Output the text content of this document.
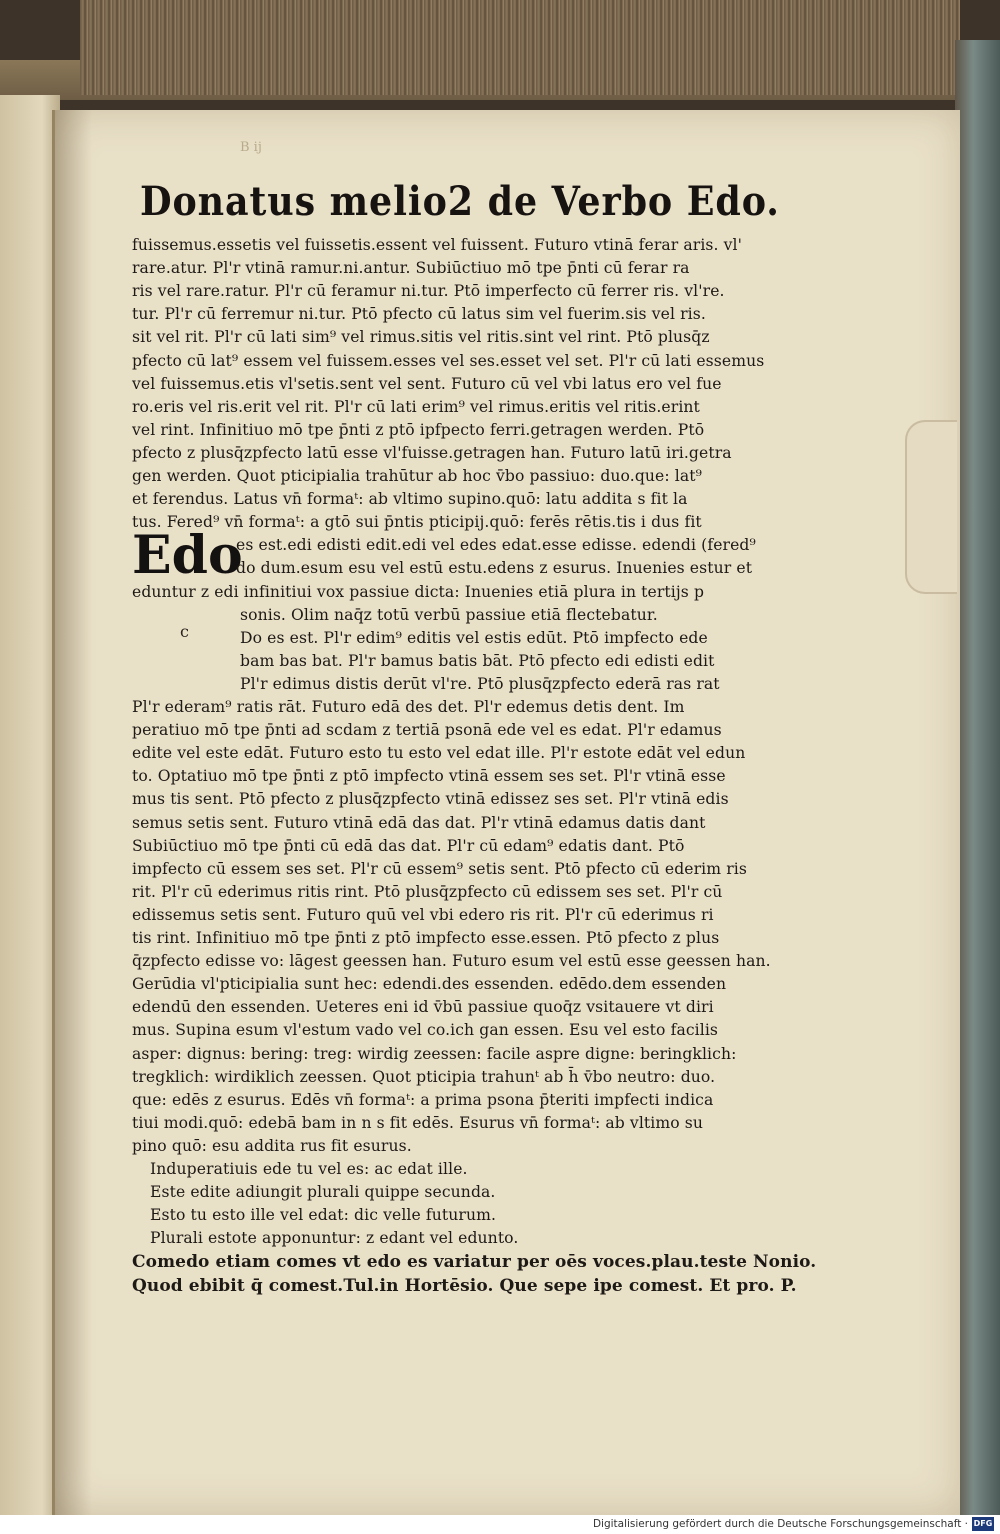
B ij
Donatus melio2 de Verbo Edo.
Edo
c
fuissemus.essetis vel fuissetis.essent vel fuissent. Futuro vtinā ferar aris. vl'
rare.atur. Pl'r vtinā ramur.ni.antur. Subiūctiuo mō tpe p̄nti cū ferar ra
ris vel rare.ratur. Pl'r cū feramur ni.tur. Ptō imperfecto cū ferrer ris. vl're.
tur. Pl'r cū ferremur ni.tur. Ptō pfecto cū latus sim vel fuerim.sis vel ris.
sit vel rit. Pl'r cū lati sim⁹ vel rimus.sitis vel ritis.sint vel rint. Ptō plusq̄z
pfecto cū lat⁹ essem vel fuissem.esses vel ses.esset vel set. Pl'r cū lati essemus
vel fuissemus.etis vl'setis.sent vel sent. Futuro cū vel vbi latus ero vel fue
ro.eris vel ris.erit vel rit. Pl'r cū lati erim⁹ vel rimus.eritis vel ritis.erint
vel rint. Infinitiuo mō tpe p̄nti z ptō ipfpecto ferri.getragen werden. Ptō
pfecto z plusq̄zpfecto latū esse vl'fuisse.getragen han. Futuro latū iri.getra
gen werden. Quot pticipialia trahūtur ab hoc v̄bo passiuo: duo.que: lat⁹
et ferendus. Latus vn̄ formaᵗ: ab vltimo supino.quō: latu addita s fit la
tus. Fered⁹ vn̄ formaᵗ: a gtō sui p̄ntis pticipij.quō: ferēs rētis.tis i dus fit
es est.edi edisti edit.edi vel edes edat.esse edisse. edendi (fered⁹
do dum.esum esu vel estū estu.edens z esurus. Inuenies estur et
eduntur z edi infinitiui vox passiue dicta: Inuenies etiā plura in tertijs p
sonis. Olim naq̄z totū verbū passiue etiā flectebatur.
Do es est. Pl'r edim⁹ editis vel estis edūt. Ptō impfecto ede
bam bas bat. Pl'r bamus batis bāt. Ptō pfecto edi edisti edit
Pl'r edimus distis derūt vl're. Ptō plusq̄zpfecto ederā ras rat
Pl'r ederam⁹ ratis rāt. Futuro edā des det. Pl'r edemus detis dent. Im
peratiuo mō tpe p̄nti ad scdam z tertiā psonā ede vel es edat. Pl'r edamus
edite vel este edāt. Futuro esto tu esto vel edat ille. Pl'r estote edāt vel edun
to. Optatiuo mō tpe p̄nti z ptō impfecto vtinā essem ses set. Pl'r vtinā esse
mus tis sent. Ptō pfecto z plusq̄zpfecto vtinā edissez ses set. Pl'r vtinā edis
semus setis sent. Futuro vtinā edā das dat. Pl'r vtinā edamus datis dant
Subiūctiuo mō tpe p̄nti cū edā das dat. Pl'r cū edam⁹ edatis dant. Ptō
impfecto cū essem ses set. Pl'r cū essem⁹ setis sent. Ptō pfecto cū ederim ris
rit. Pl'r cū ederimus ritis rint. Ptō plusq̄zpfecto cū edissem ses set. Pl'r cū
edissemus setis sent. Futuro quū vel vbi edero ris rit. Pl'r cū ederimus ri
tis rint. Infinitiuo mō tpe p̄nti z ptō impfecto esse.essen. Ptō pfecto z plus
q̄zpfecto edisse vo: lāgest geessen han. Futuro esum vel estū esse geessen han.
Gerūdia vl'pticipialia sunt hec: edendi.des essenden. edēdo.dem essenden
edendū den essenden. Ueteres eni id v̄bū passiue quoq̄z vsitauere vt diri
mus. Supina esum vl'estum vado vel co.ich gan essen. Esu vel esto facilis
asper: dignus: bering: treg: wirdig zeessen: facile aspre digne: beringklich:
tregklich: wirdiklich zeessen. Quot pticipia trahunᵗ ab h̄ v̄bo neutro: duo.
que: edēs z esurus. Edēs vn̄ formaᵗ: a prima psona p̄teriti impfecti indica
tiui modi.quō: edebā bam in n s fit edēs. Esurus vn̄ formaᵗ: ab vltimo su
pino quō: esu addita rus fit esurus.
Induperatiuis ede tu vel es: ac edat ille.
Este edite adiungit plurali quippe secunda.
Esto tu esto ille vel edat: dic velle futurum.
Plurali estote apponuntur: z edant vel edunto.
Comedo etiam comes vt edo es variatur per oēs voces.plau.teste Nonio.
Quod ebibit q̄ comest.Tul.in Hortēsio. Que sepe ipe comest. Et pro. P.
Digitalisierung gefördert durch die Deutsche Forschungsgemeinschaft · DFG
